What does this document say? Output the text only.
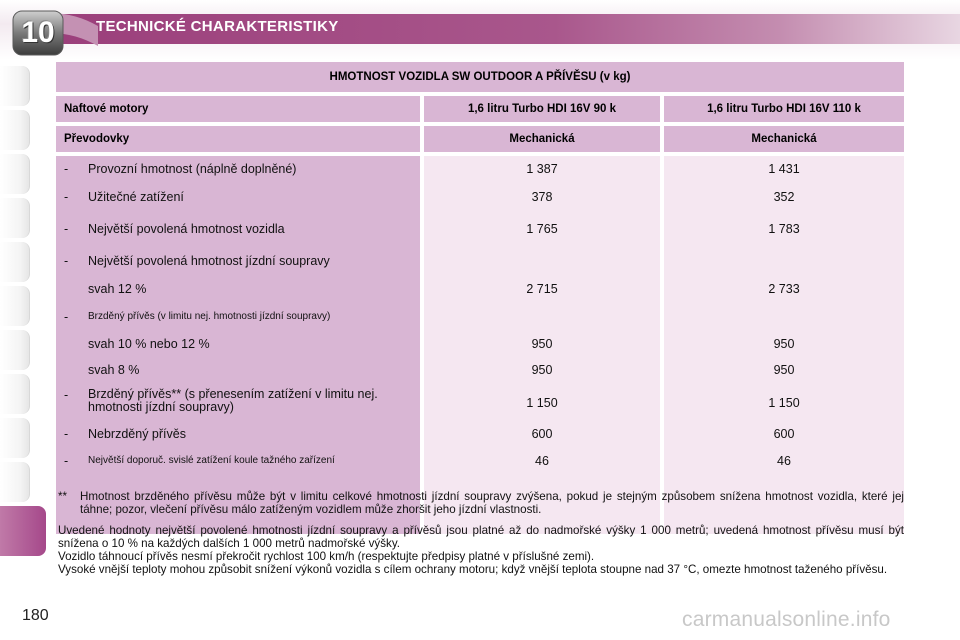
10	TECHNICKÉ CHARAKTERISTIKY
HMOTNOST VOZIDLA SW OUTDOOR A PŘÍVĚSU (v kg)
Naftové motory	1,6 litru Turbo HDI 16V 90 k	1,6 litru Turbo HDI 16V 110 k
Převodovky	Mechanická	Mechanická
- Provozní hmotnost (náplně doplněné)	1 387	1 431
- Užitečné zatížení	378	352
- Největší povolená hmotnost vozidla	1 765	1 783
- Největší povolená hmotnost jízdní soupravy
svah 12 %	2 715	2 733
- Brzděný přívěs (v limitu nej. hmotnosti jízdní soupravy)
svah 10 % nebo 12 %	950	950
svah 8 %	950	950
- Brzděný přívěs** (s přenesením zatížení v limitu nej. hmotnosti jízdní soupravy)	1 150	1 150
- Nebrzděný přívěs	600	600
- Největší doporuč. svislé zatížení koule tažného zařízení	46	46
** Hmotnost brzděného přívěsu může být v limitu celkové hmotnosti jízdní soupravy zvýšena, pokud je stejným způsobem snížena hmotnost vozidla, které jej táhne; pozor, vlečení přívěsu málo zatíženým vozidlem může zhoršit jeho jízdní vlastnosti.
Uvedené hodnoty největší povolené hmotnosti jízdní soupravy a přívěsů jsou platné až do nadmořské výšky 1 000 metrů; uvedená hmotnost přívěsu musí být snížena o 10 % na každých dalších 1 000 metrů nadmořské výšky.
Vozidlo táhnoucí přívěs nesmí překročit rychlost 100 km/h (respektujte předpisy platné v příslušné zemi).
Vysoké vnější teploty mohou způsobit snížení výkonů vozidla s cílem ochrany motoru; když vnější teplota stoupne nad 37 °C, omezte hmotnost taženého přívěsu.
180	carmanualsonline.info
